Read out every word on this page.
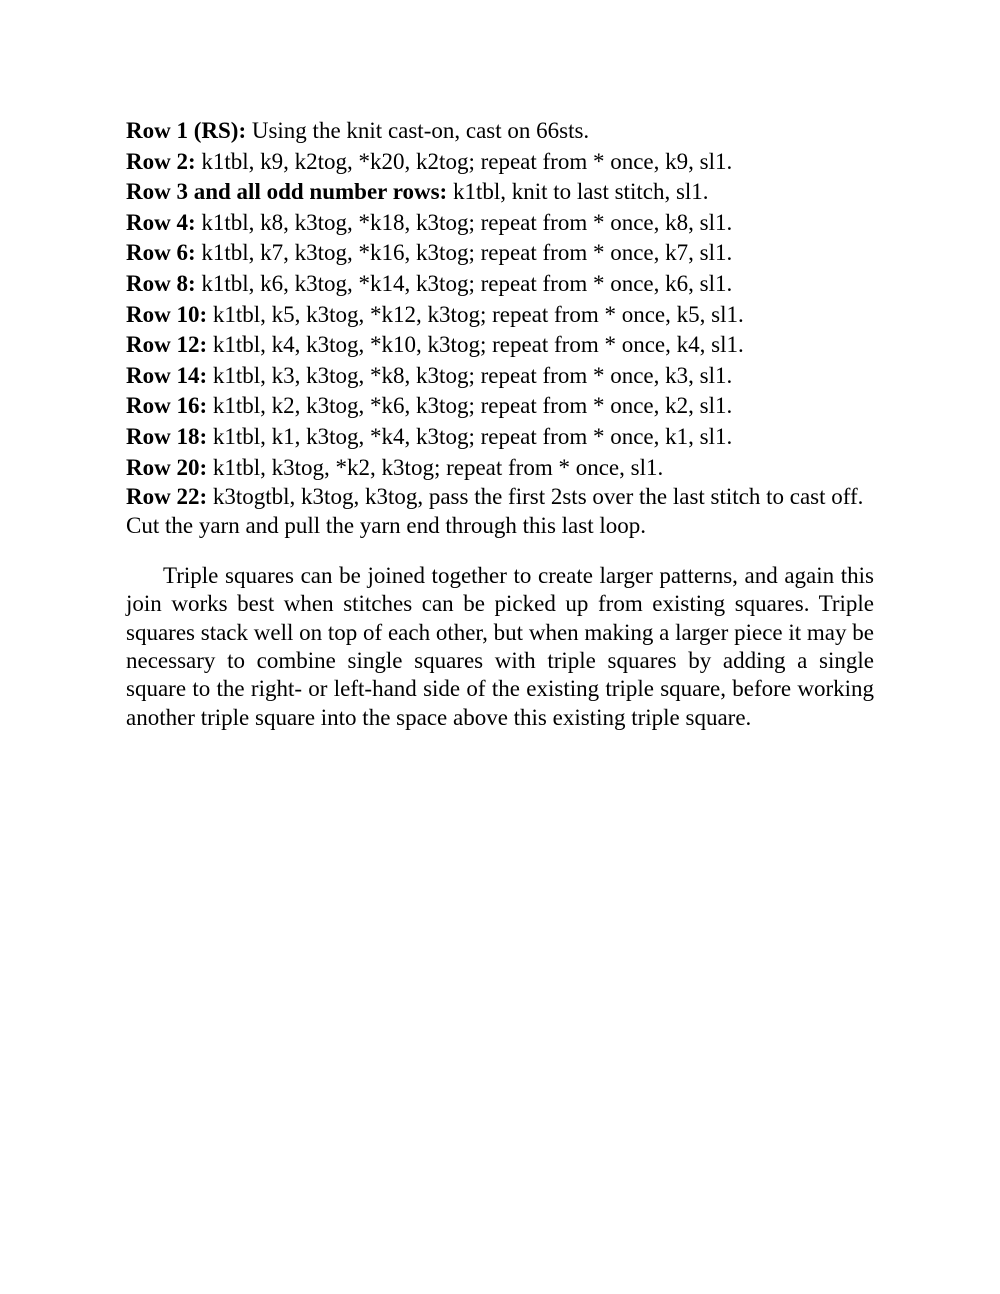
Row 1 (RS): Using the knit cast-on, cast on 66sts.

Row 2: k1tbl, k9, k2tog, *k20, k2tog; repeat from * once, k9, sl1.

Row 3 and all odd number rows: k1tbl, knit to last stitch, sl1.

Row 4: k1tbl, k8, k3tog, *k18, k3tog; repeat from * once, k8, sl1.

Row 6: k1tbl, k7, k3tog, *k16, k3tog; repeat from * once, k7, sl1.

Row 8: k1tbl, k6, k3tog, *k14, k3tog; repeat from * once, k6, sl1.

Row 10: k1tbl, k5, k3tog, *k12, k3tog; repeat from * once, k5, sl1.

Row 12: k1tbl, k4, k3tog, *k10, k3tog; repeat from * once, k4, sl1.

Row 14: k1tbl, k3, k3tog, *k8, k3tog; repeat from * once, k3, sl1.

Row 16: k1tbl, k2, k3tog, *k6, k3tog; repeat from * once, k2, sl1.

Row 18: k1tbl, k1, k3tog, *k4, k3tog; repeat from * once, k1, sl1.

Row 20: k1tbl, k3tog, *k2, k3tog; repeat from * once, sl1.

Row 22: k3togtbl, k3tog, k3tog, pass the first 2sts over the last stitch to cast off.

Cut the yarn and pull the yarn end through this last loop.

Triple squares can be joined together to create larger patterns, and again this join works best when stitches can be picked up from existing squares. Triple squares stack well on top of each other, but when making a larger piece it may be necessary to combine single squares with triple squares by adding a single square to the right- or left-hand side of the existing triple square, before working another triple square into the space above this existing triple square.
